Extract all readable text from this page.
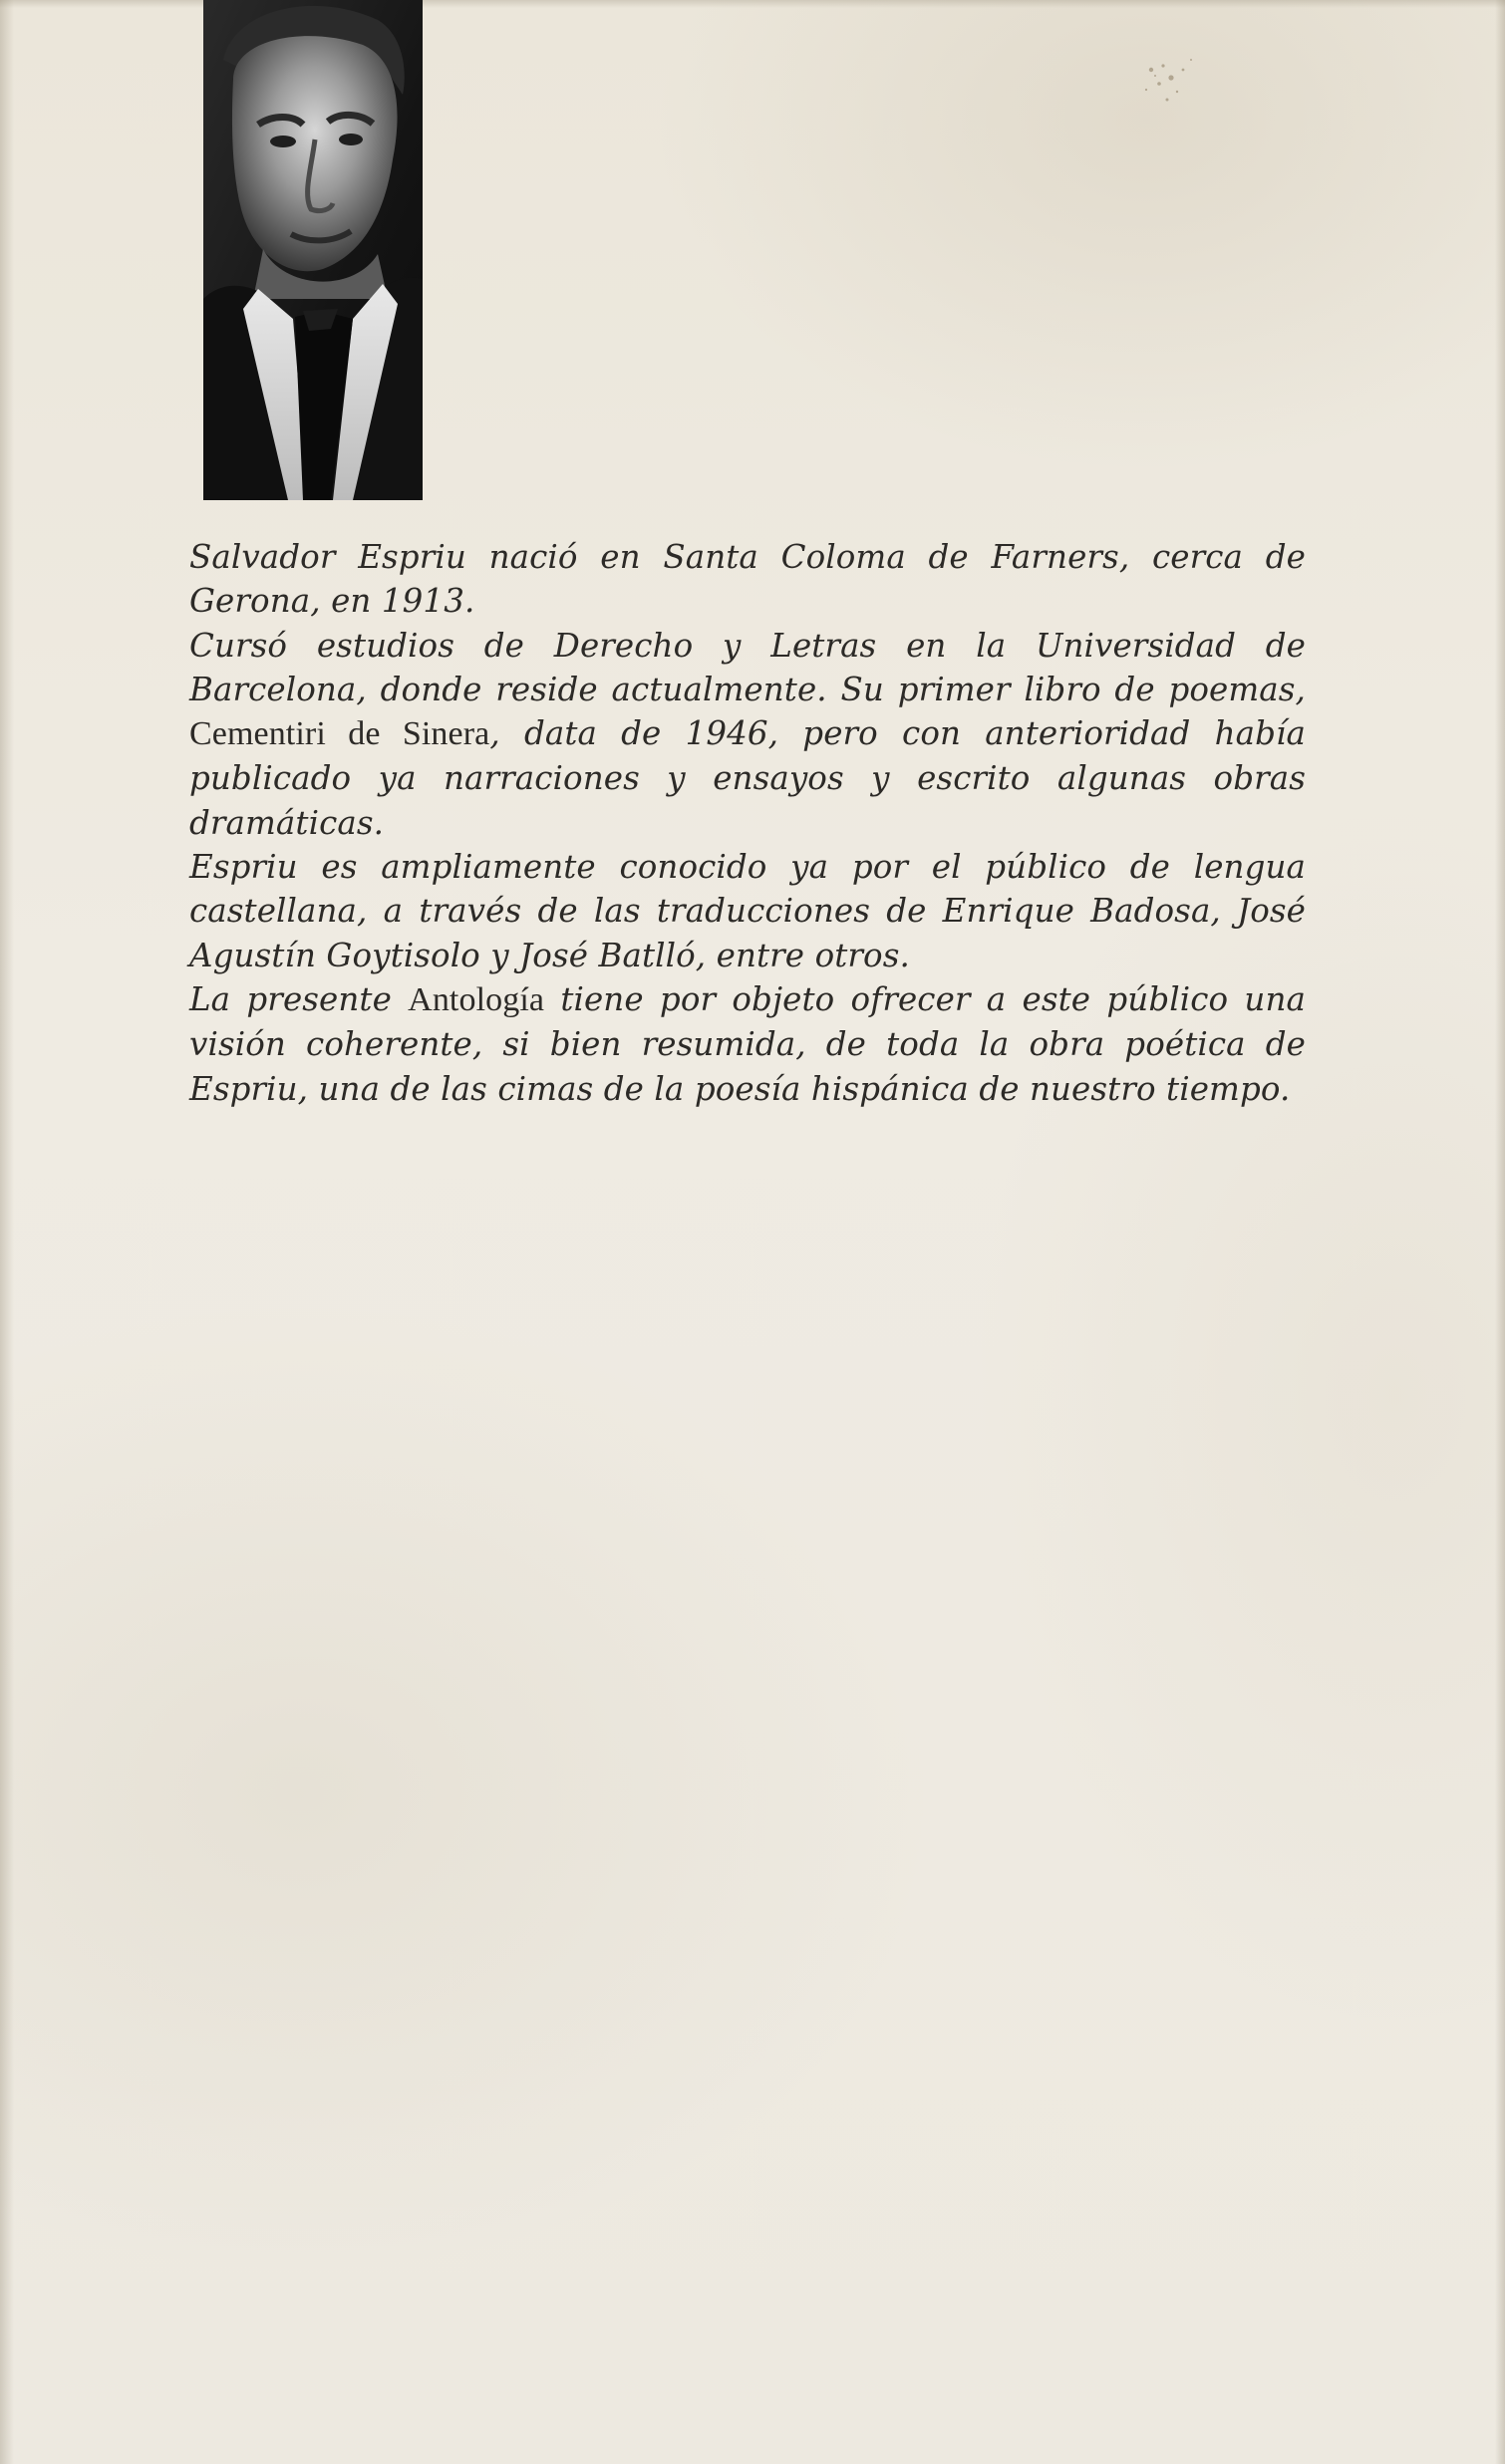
Salvador Espriu nació en Santa Coloma de Farners, cerca de Gerona, en 1913.

Cursó estudios de Derecho y Letras en la Universidad de Barcelona, donde reside actualmente. Su primer libro de poemas, Cementiri de Sinera, data de 1946, pero con anterioridad había publicado ya narraciones y ensayos y escrito algunas obras dramáticas.

Espriu es ampliamente conocido ya por el público de lengua castellana, a través de las traducciones de Enrique Badosa, José Agustín Goytisolo y José Batlló, entre otros.

La presente Antología tiene por objeto ofrecer a este público una visión coherente, si bien resumida, de toda la obra poética de Espriu, una de las cimas de la poesía hispánica de nuestro tiempo.
